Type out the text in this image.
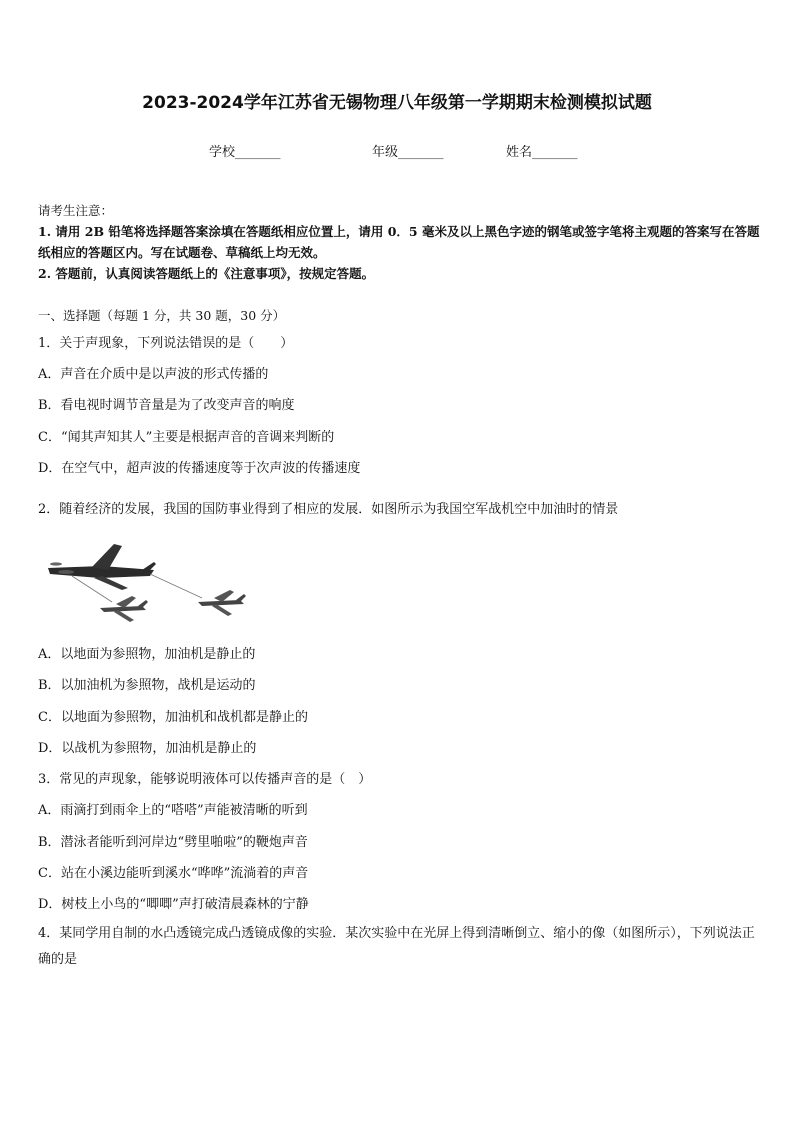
2023-2024学年江苏省无锡物理八年级第一学期期末检测模拟试题
学校_______	年级_______	姓名_______
请考生注意：
1. 请用 2B 铅笔将选择题答案涂填在答题纸相应位置上，请用 0．5 毫米及以上黑色字迹的钢笔或签字笔将主观题的答案写在答题纸相应的答题区内。写在试题卷、草稿纸上均无效。
2. 答题前，认真阅读答题纸上的《注意事项》，按规定答题。
一、选择题（每题 1 分，共 30 题，30 分）
1．关于声现象，下列说法错误的是（　　）
A．声音在介质中是以声波的形式传播的
B．看电视时调节音量是为了改变声音的响度
C．“闻其声知其人”主要是根据声音的音调来判断的
D．在空气中，超声波的传播速度等于次声波的传播速度
2．随着经济的发展，我国的国防事业得到了相应的发展．如图所示为我国空军战机空中加油时的情景
A．以地面为参照物，加油机是静止的
B．以加油机为参照物，战机是运动的
C．以地面为参照物，加油机和战机都是静止的
D．以战机为参照物，加油机是静止的
3．常见的声现象，能够说明液体可以传播声音的是（　）
A．雨滴打到雨伞上的“嗒嗒”声能被清晰的听到
B．潜泳者能听到河岸边“劈里啪啦”的鞭炮声音
C．站在小溪边能听到溪水“哗哗”流淌着的声音
D．树枝上小鸟的“唧唧”声打破清晨森林的宁静
4．某同学用自制的水凸透镜完成凸透镜成像的实验．某次实验中在光屏上得到清晰倒立、缩小的像（如图所示），下列说法正确的是
